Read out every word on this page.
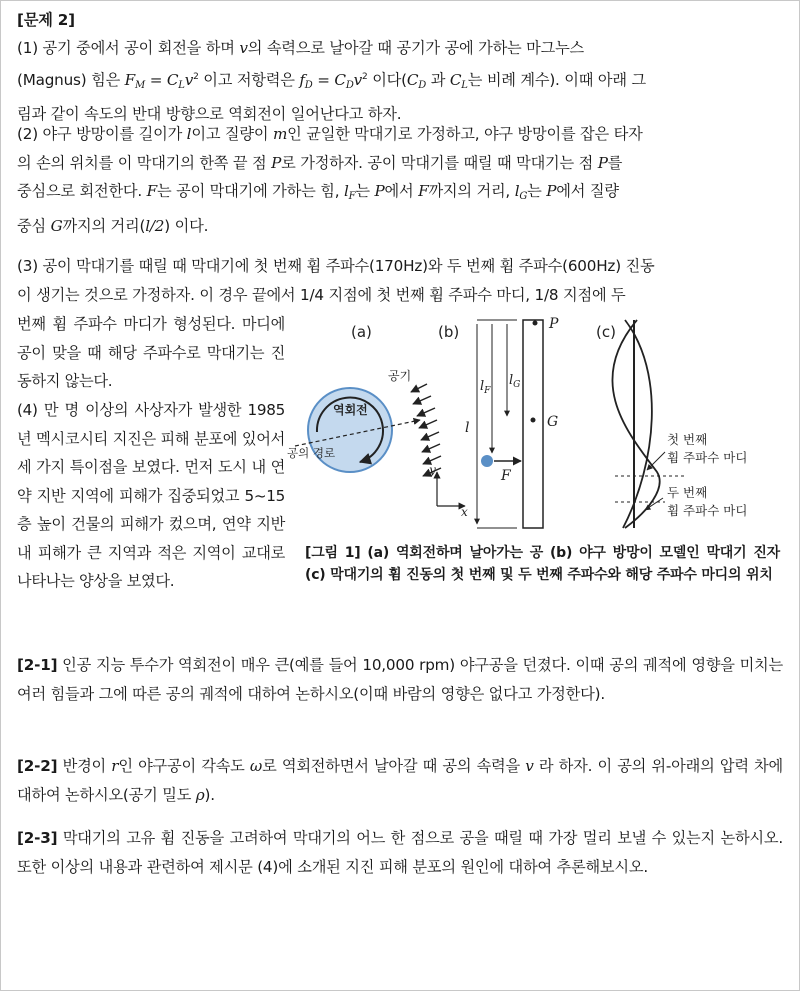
[문제 2]

(1) 공기 중에서 공이 회전을 하며 v의 속력으로 날아갈 때 공기가 공에 가하는 마그누스
(Magnus) 힘은 $F_M = C_Lv^2$ 이고 저항력은 $f_D = C_Dv^2$ 이다($C_D$ 과 $C_L$는 비례 계수). 이때 아래 그
림과 같이 속도의 반대 방향으로 역회전이 일어난다고 하자.

(2) 야구 방망이를 길이가 l이고 질량이 m인 균일한 막대기로 가정하고, 야구 방망이를 잡은 타자
의 손의 위치를 이 막대기의 한쪽 끝 점 P로 가정하자. 공이 막대기를 때릴 때 막대기는 점 P를
중심으로 회전한다. F는 공이 막대기에 가하는 힘, $l_F$는 P에서 F까지의 거리, $l_G$는 P에서 질량
중심 G까지의 거리(l/2) 이다.

(3) 공이 막대기를 때릴 때 막대기에 첫 번째 휨 주파수(170Hz)와 두 번째 휨 주파수(600Hz) 진동
이 생기는 것으로 가정하자. 이 경우 끝에서 1/4 지점에 첫 번째 휨 주파수 마디, 1/8 지점에 두

번째 휨 주파수 마디가 형성된다. 마디에 공이 맞을 때 해당 주파수로 막대기는 진동하지 않는다.

(4) 만 명 이상의 사상자가 발생한 1985년 멕시코시티 지진은 피해 분포에 있어서 세 가지 특이점을 보였다. 먼저 도시 내 연약 지반 지역에 피해가 집중되었고 5~15층 높이 건물의 피해가 컸으며, 연약 지반 내 피해가 큰 지역과 적은 지역이 교대로 나타나는 양상을 보였다.

(a)
역회전
공기
공의 경로
(b)	P
G
F
l
$l_F$
$l_G$
y
x
(c)
첫 번째
휨 주파수 마디
두 번째
휨 주파수 마디

[그림 1] (a) 역회전하며 날아가는 공 (b) 야구 방망이 모델인 막대기 진자 (c) 막대기의 휨 진동의 첫 번째 및 두 번째 주파수와 해당 주파수 마디의 위치

[2-1] 인공 지능 투수가 역회전이 매우 큰(예를 들어 10,000 rpm) 야구공을 던졌다. 이때 공의 궤적에 영향을 미치는 여러 힘들과 그에 따른 공의 궤적에 대하여 논하시오(이때 바람의 영향은 없다고 가정한다).

[2-2] 반경이 r인 야구공이 각속도 ω로 역회전하면서 날아갈 때 공의 속력을 v 라 하자. 이 공의 위-아래의 압력 차에 대하여 논하시오(공기 밀도 ρ).

[2-3] 막대기의 고유 휨 진동을 고려하여 막대기의 어느 한 점으로 공을 때릴 때 가장 멀리 보낼 수 있는지 논하시오. 또한 이상의 내용과 관련하여 제시문 (4)에 소개된 지진 피해 분포의 원인에 대하여 추론해보시오.
